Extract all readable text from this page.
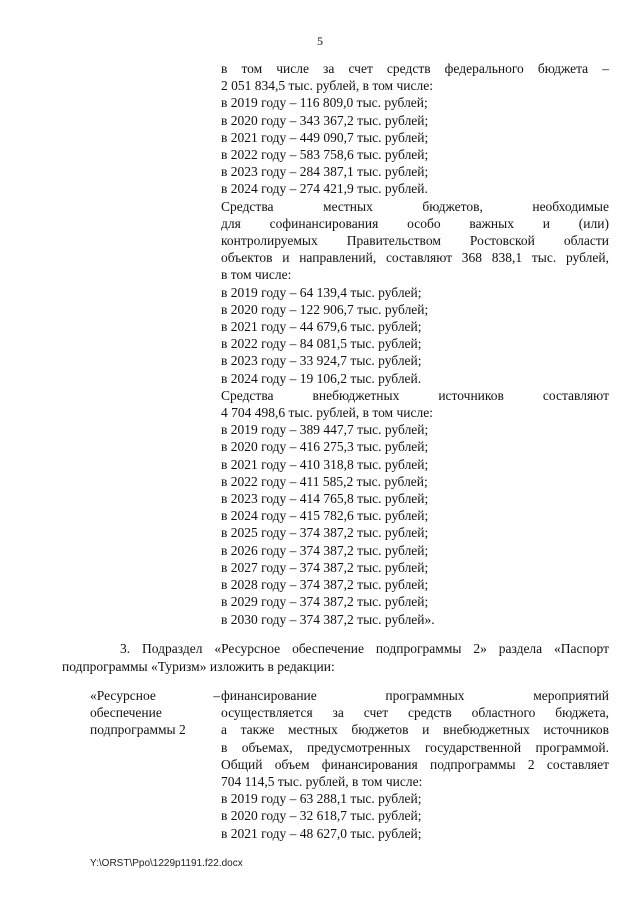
5
в том числе за счет средств федерального бюджета –
2 051 834,5 тыс. рублей, в том числе:
в 2019 году – 116 809,0 тыс. рублей;
в 2020 году – 343 367,2 тыс. рублей;
в 2021 году – 449 090,7 тыс. рублей;
в 2022 году – 583 758,6 тыс. рублей;
в 2023 году – 284 387,1 тыс. рублей;
в 2024 году – 274 421,9 тыс. рублей.
Средства	местных	бюджетов,	необходимые
для софинансирования особо важных и (или)
контролируемых Правительством Ростовской области
объектов и направлений, составляют 368 838,1 тыс. рублей,
в том числе:
в 2019 году – 64 139,4 тыс. рублей;
в 2020 году – 122 906,7 тыс. рублей;
в 2021 году – 44 679,6 тыс. рублей;
в 2022 году – 84 081,5 тыс. рублей;
в 2023 году – 33 924,7 тыс. рублей;
в 2024 году – 19 106,2 тыс. рублей.
Средства	внебюджетных	источников	составляют
4 704 498,6 тыс. рублей, в том числе:
в 2019 году – 389 447,7 тыс. рублей;
в 2020 году – 416 275,3 тыс. рублей;
в 2021 году – 410 318,8 тыс. рублей;
в 2022 году – 411 585,2 тыс. рублей;
в 2023 году – 414 765,8 тыс. рублей;
в 2024 году – 415 782,6 тыс. рублей;
в 2025 году – 374 387,2 тыс. рублей;
в 2026 году – 374 387,2 тыс. рублей;
в 2027 году – 374 387,2 тыс. рублей;
в 2028 году – 374 387,2 тыс. рублей;
в 2029 году – 374 387,2 тыс. рублей;
в 2030 году – 374 387,2 тыс. рублей».
3. Подраздел «Ресурсное обеспечение подпрограммы 2» раздела «Паспорт
подпрограммы «Туризм» изложить в редакции:
«Ресурсное	–
обеспечение
подпрограммы 2
финансирование	программных	мероприятий
осуществляется за счет средств областного бюджета,
а также местных бюджетов и внебюджетных источников
в объемах, предусмотренных государственной программой.
Общий объем финансирования подпрограммы 2 составляет
704 114,5 тыс. рублей, в том числе:
в 2019 году – 63 288,1 тыс. рублей;
в 2020 году – 32 618,7 тыс. рублей;
в 2021 году – 48 627,0 тыс. рублей;
Y:\ORST\Ppo\1229p1191.f22.docx
